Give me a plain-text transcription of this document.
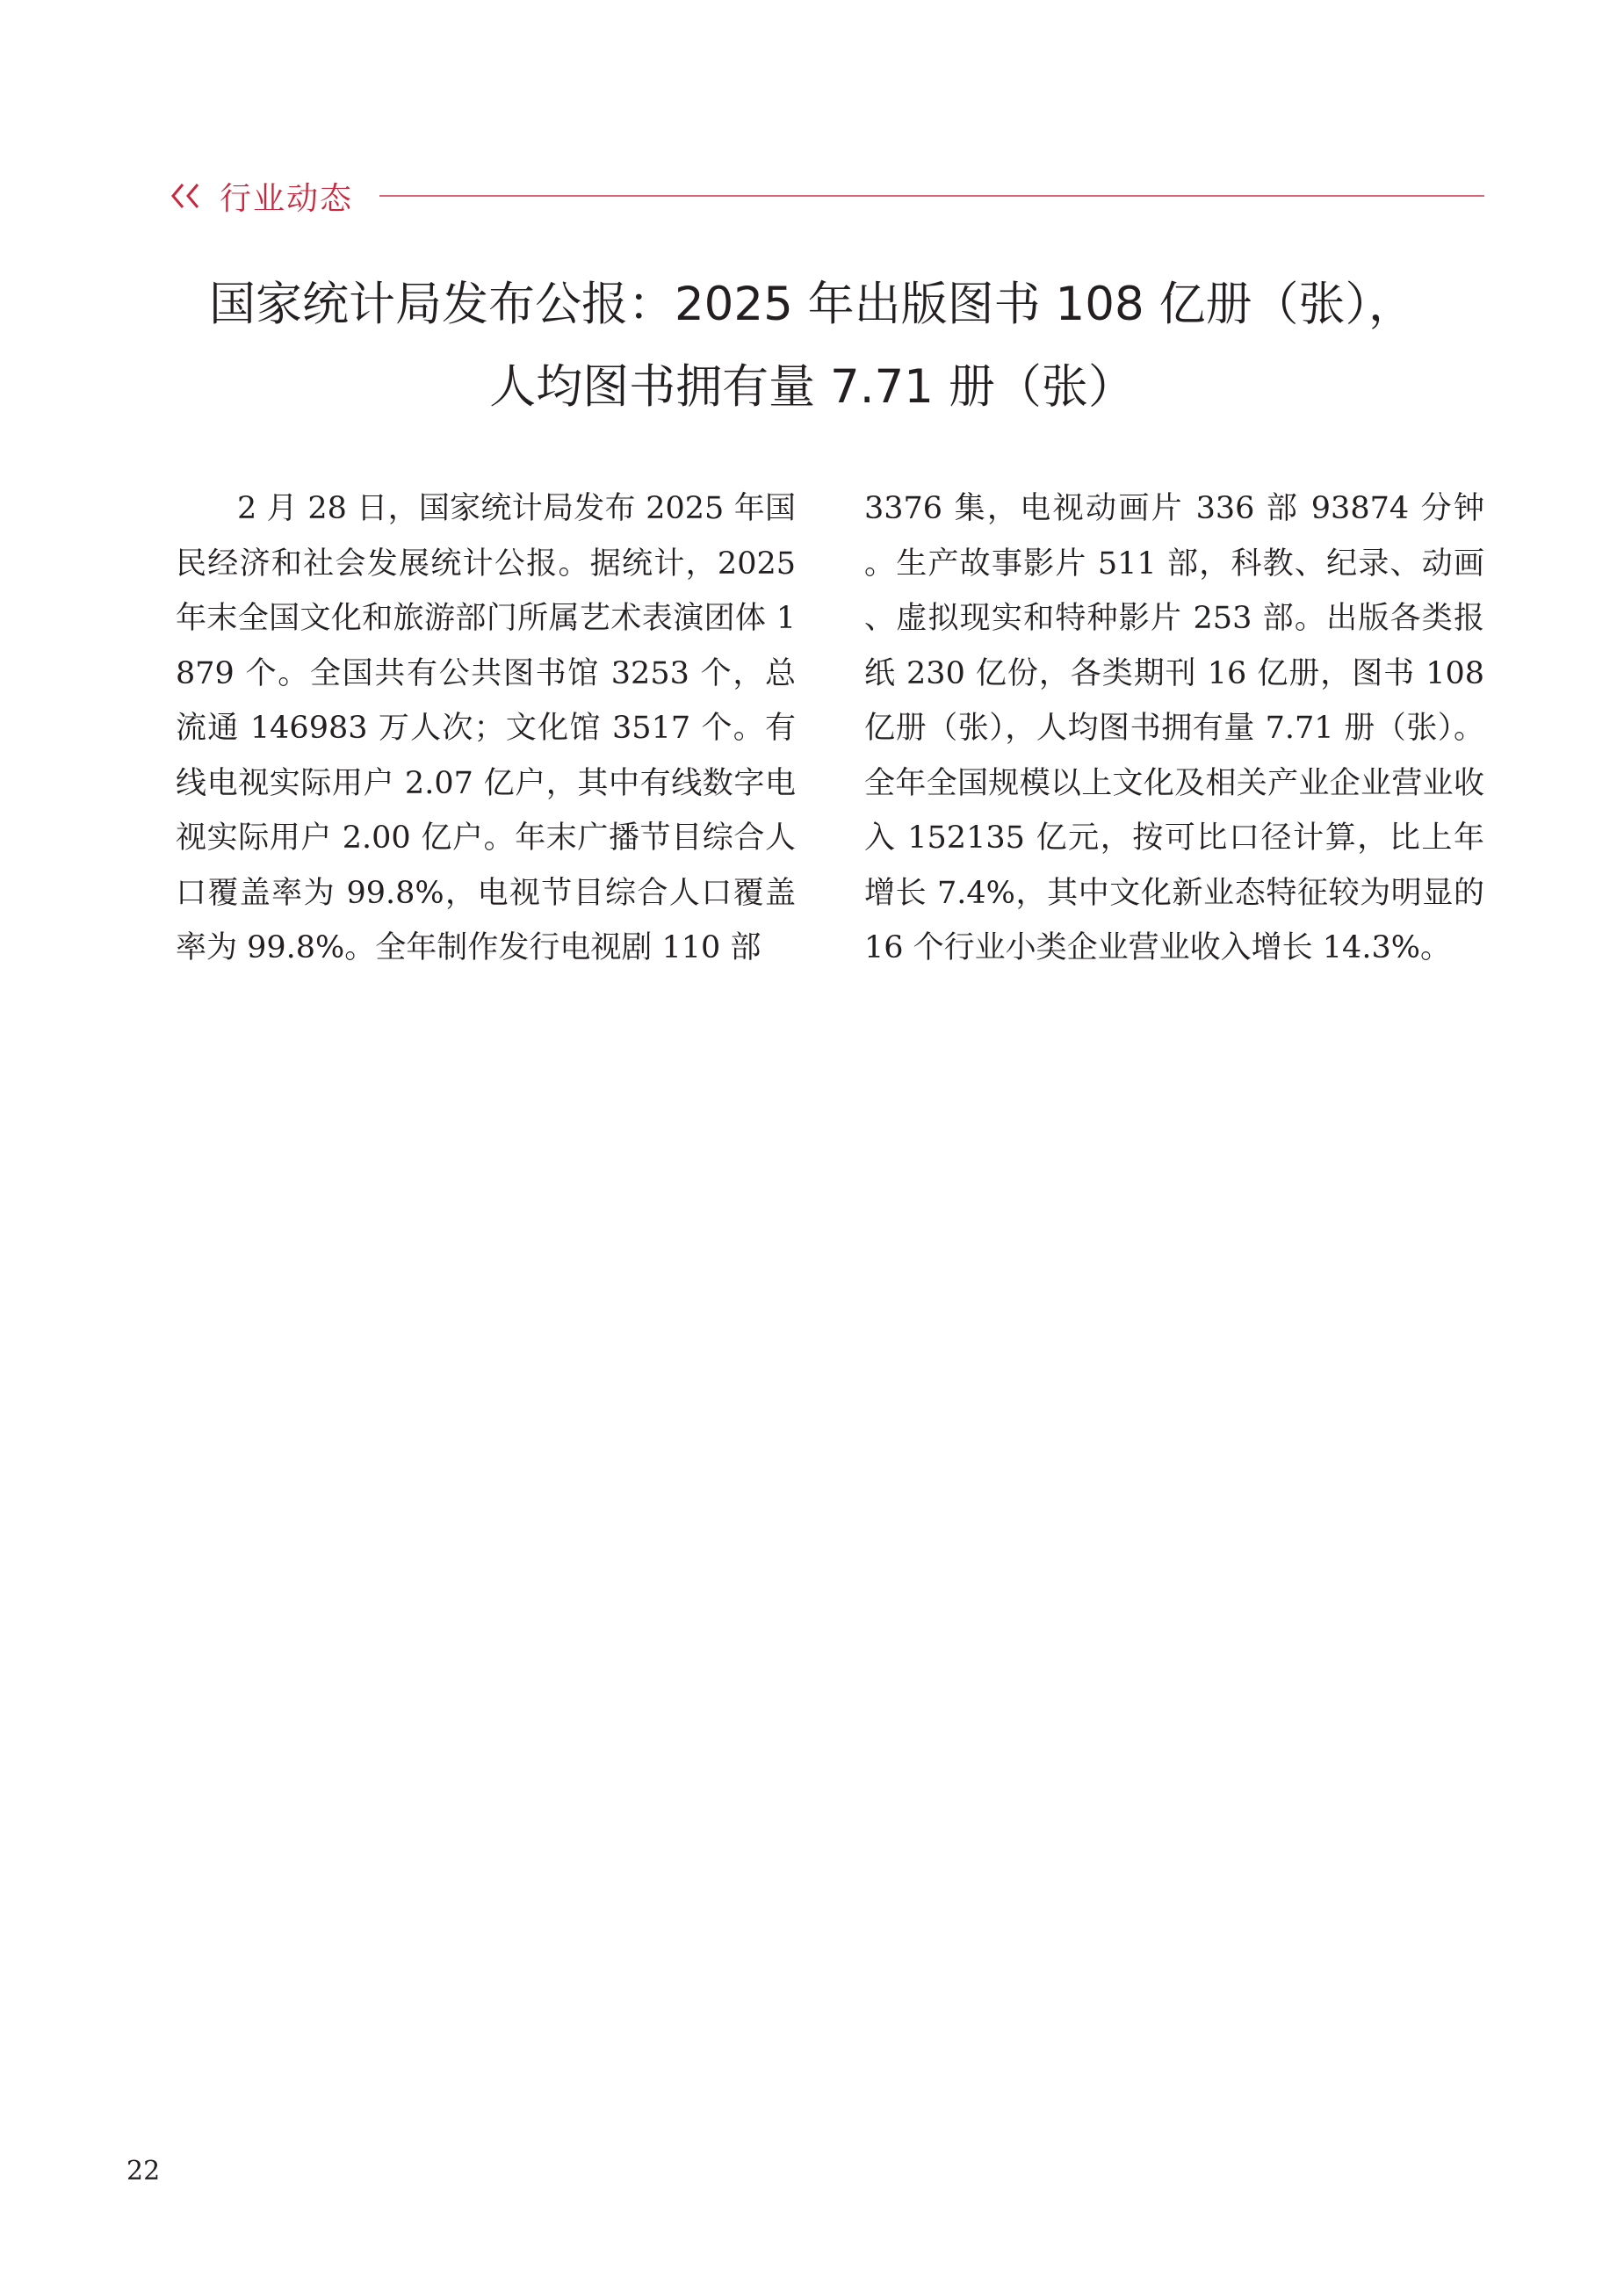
行业动态
国家统计局发布公报：2025 年出版图书 108 亿册（张），
人均图书拥有量 7.71 册（张）

2 月 28 日，国家统计局发布 2025 年国民经济和社会发展统计公报。据统计，2025 年末全国文化和旅游部门所属艺术表演团体 1879 个。全国共有公共图书馆 3253 个，总流通 146983 万人次；文化馆 3517 个。有线电视实际用户 2.07 亿户，其中有线数字电视实际用户 2.00 亿户。年末广播节目综合人口覆盖率为 99.8%，电视节目综合人口覆盖率为 99.8%。全年制作发行电视剧 110 部

3376 集，电视动画片 336 部 93874 分钟。生产故事影片 511 部，科教、纪录、动画、虚拟现实和特种影片 253 部。出版各类报纸 230 亿份，各类期刊 16 亿册，图书 108 亿册（张），人均图书拥有量 7.71 册（张）。全年全国规模以上文化及相关产业企业营业收入 152135 亿元，按可比口径计算，比上年增长 7.4%，其中文化新业态特征较为明显的 16 个行业小类企业营业收入增长 14.3%。

22
